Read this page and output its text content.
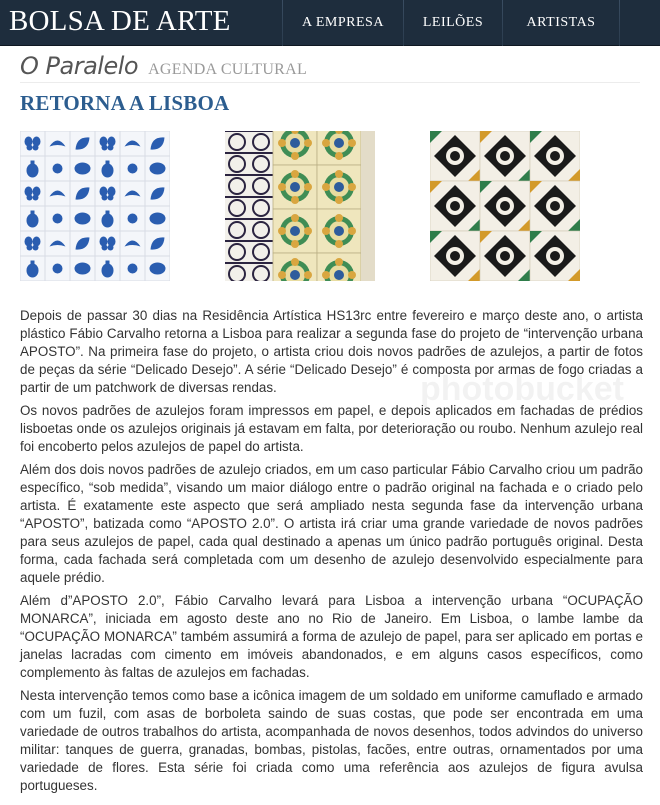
BOLSA DE ARTE	A EMPRESA	LEILÕES	ARTISTAS
O Paralelo AGENDA CULTURAL
RETORNA A LISBOA
photobucket

Depois de passar 30 dias na Residência Artística HS13rc entre fevereiro e março deste ano, o artista plástico Fábio Carvalho retorna a Lisboa para realizar a segunda fase do projeto de “intervenção urbana APOSTO”. Na primeira fase do projeto, o artista criou dois novos padrões de azulejos, a partir de fotos de peças da série “Delicado Desejo”. A série “Delicado Desejo” é composta por armas de fogo criadas a partir de um patchwork de diversas rendas.

Os novos padrões de azulejos foram impressos em papel, e depois aplicados em fachadas de prédios lisboetas onde os azulejos originais já estavam em falta, por deterioração ou roubo. Nenhum azulejo real foi encoberto pelos azulejos de papel do artista.

Além dos dois novos padrões de azulejo criados, em um caso particular Fábio Carvalho criou um padrão específico, “sob medida”, visando um maior diálogo entre o padrão original na fachada e o criado pelo artista. É exatamente este aspecto que será ampliado nesta segunda fase da intervenção urbana “APOSTO”, batizada como “APOSTO 2.0”. O artista irá criar uma grande variedade de novos padrões para seus azulejos de papel, cada qual destinado a apenas um único padrão português original. Desta forma, cada fachada será completada com um desenho de azulejo desenvolvido especialmente para aquele prédio.

Além d”APOSTO 2.0”, Fábio Carvalho levará para Lisboa a intervenção urbana “OCUPAÇÃO MONARCA”, iniciada em agosto deste ano no Rio de Janeiro. Em Lisboa, o lambe lambe da “OCUPAÇÃO MONARCA” também assumirá a forma de azulejo de papel, para ser aplicado em portas e janelas lacradas com cimento em imóveis abandonados, e em alguns casos específicos, como complemento às faltas de azulejos em fachadas.

Nesta intervenção temos como base a icônica imagem de um soldado em uniforme camuflado e armado com um fuzil, com asas de borboleta saindo de suas costas, que pode ser encontrada em uma variedade de outros trabalhos do artista, acompanhada de novos desenhos, todos advindos do universo militar: tanques de guerra, granadas, bombas, pistolas, facões, entre outras, ornamentados por uma variedade de flores. Esta série foi criada como uma referência aos azulejos de figura avulsa portugueses.
